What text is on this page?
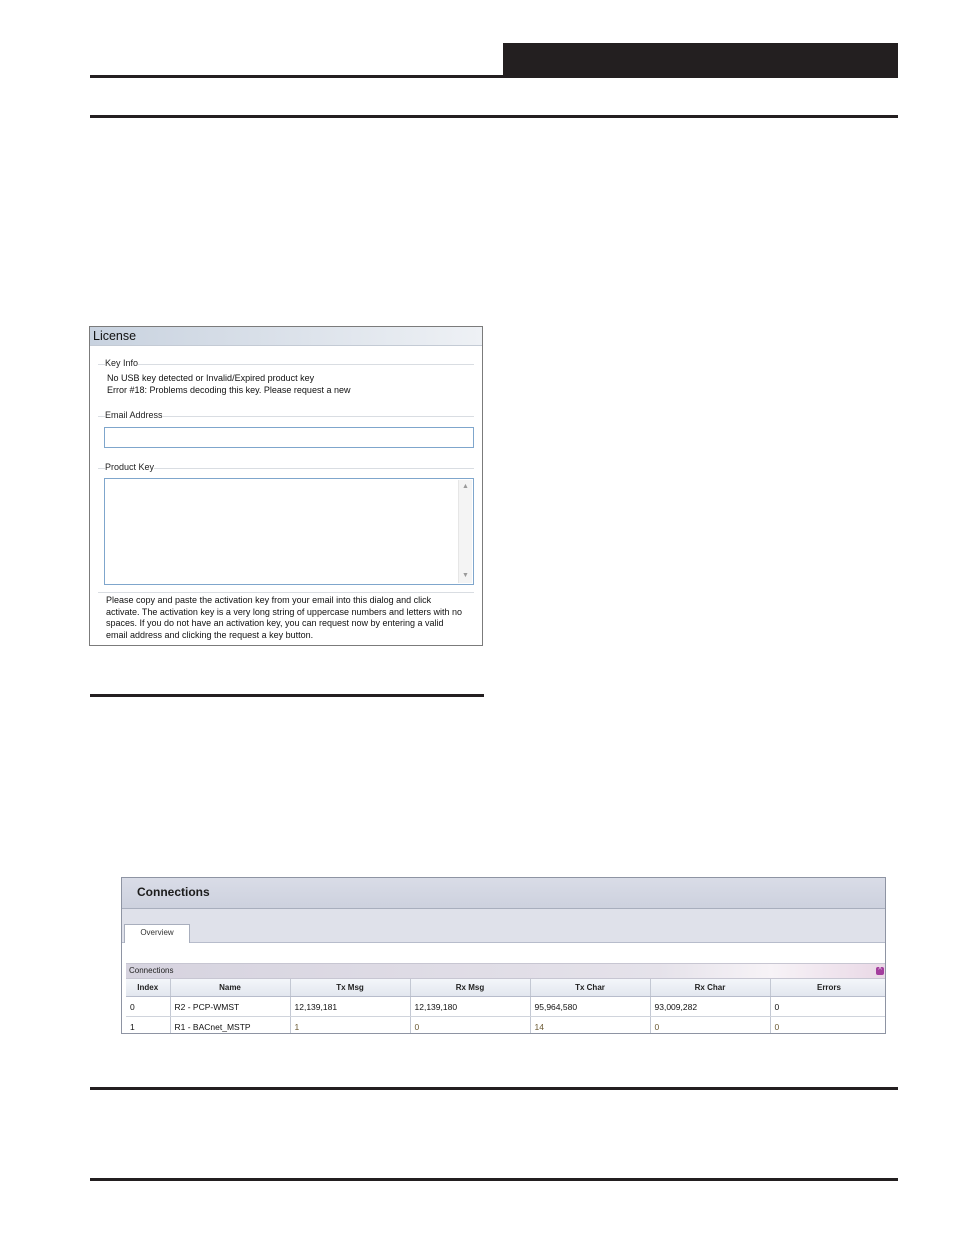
License
Key Info
No USB key detected or Invalid/Expired product key
Error #18: Problems decoding this key. Please request a new
Email Address
Product Key
▲
▼
Please copy and paste the activation key from your email into this dialog and click activate. The activation key is a very long string of uppercase numbers and letters with no spaces. If you do not have an activation key, you can request now by entering a valid email address and clicking the request a key button.
Connections
Overview
Connections	^
Index	Name	Tx Msg	Rx Msg	Tx Char	Rx Char	Errors
0	R2 - PCP-WMST	12,139,181	12,139,180	95,964,580	93,009,282	0
1	R1 - BACnet_MSTP	1	0	14	0	0
